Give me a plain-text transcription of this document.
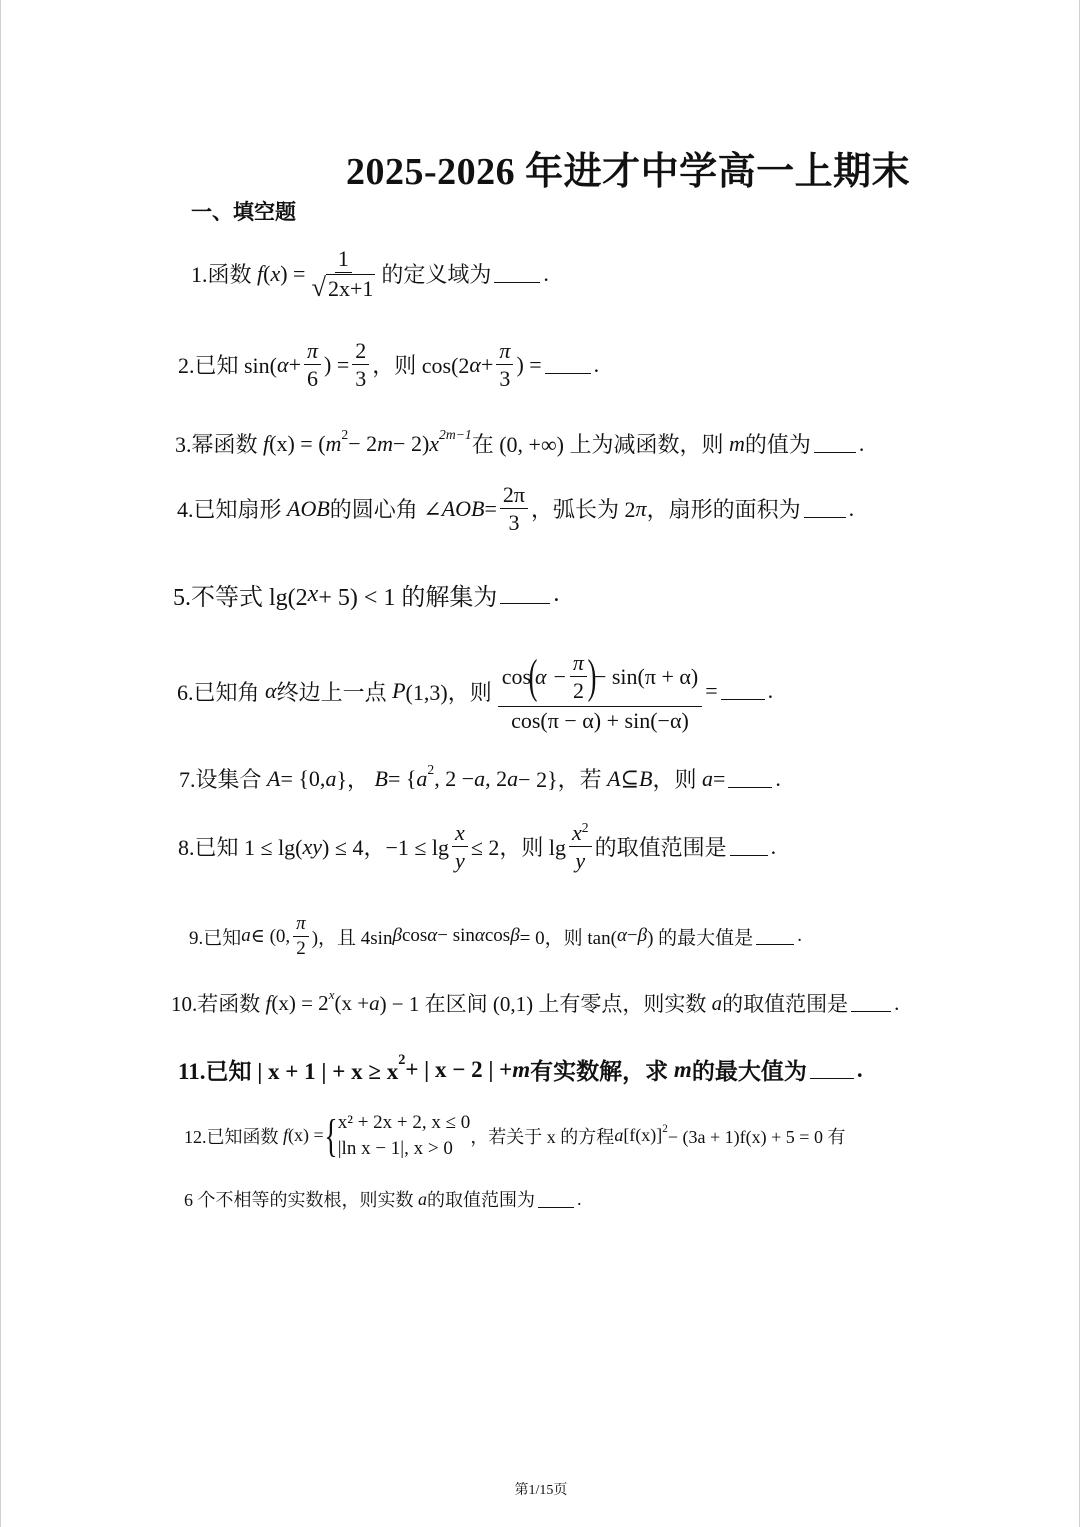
2025-2026 年进才中学高一上期末
一、填空题
1.函数
f ( x ) = $\frac{1}{√ 2x+1}$ 的定义域为 .
2.已知 sin( $\alpha + \frac{\pi}{6}$ ) = $\frac{2}{3}$ ，则 cos(2 $\alpha + \frac{\pi}{3}$ ) = .
3.幂函数
f (x) = ( m 2 − 2 m − 2) x 2m−1 在 (0, +∞) 上为减函数，则
m 的值为 .
4.已知扇形
AOB 的圆心角 ∠ AOB = $\frac{2\pi}{3}$ ，弧长为 2 π ，扇形的面积为 .
5.不等式 lg(2 x + 5) < 1 的解集为 .
6.已知角
α 终边上一点
P (1,3)，则 cos
(
$\alpha - \frac{\pi}{2}$ )
− sin(π + α)
cos(π − α) + sin(−α) = .
7.设集合
A = {0, a }，
B = { a 2 , 2 − a , 2 a − 2}，若
A ⊆ B ，则
a = .
8.已知 1 ≤ lg( xy ) ≤ 4，$-1 \le \lg \frac{x}{y} \le 2$，则 $\lg \frac{x^2}{y}$ 的取值范围是 .
9.已知 a ∈ (0, $\frac{\pi}{2}$ )，且 4sin β cos α − sin α cos β = 0，则 tan( α − β ) 的最大值是 .
10.若函数
f (x) = 2 x (x + a ) − 1 在区间 (0,1) 上有零点，则实数
a 的取值范围是 .
11.已知 | x + 1 | + x ≥ x 2 + | x − 2 | + m 有实数解，求
m 的最大值为 .
12.已知函数
f (x) = { x² + 2x + 2, x ≤ 0
|ln x − 1|, x > 0
，若关于 x 的方程 a [f(x)] 2 − (3a + 1)f(x) + 5 = 0 有
6 个不相等的实数根，则实数
a 的取值范围为 .
第1/15页
